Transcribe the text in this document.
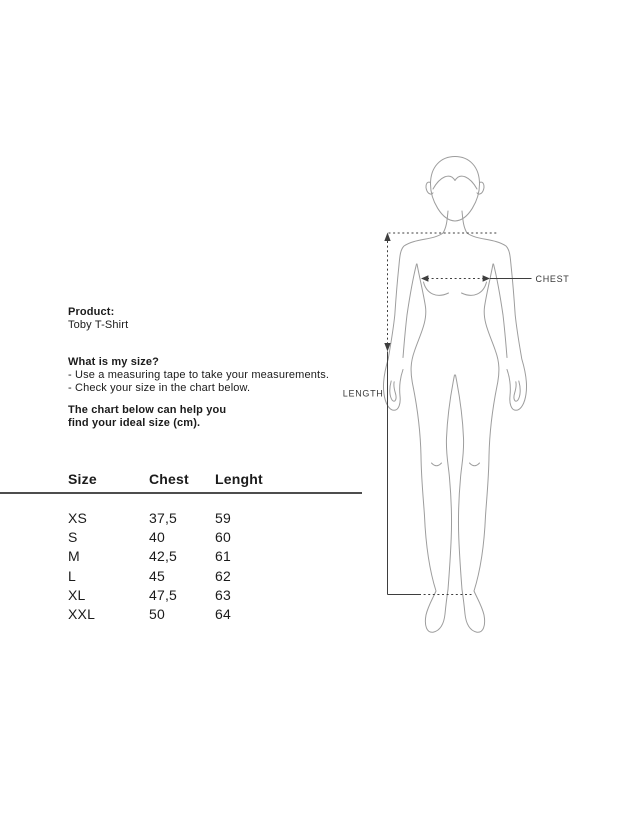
Product:
Toby T-Shirt
What is my size?
- Use a measuring tape to take your measurements.
- Check your size in the chart below.
The chart below can help you
find your ideal size (cm).
Size	Chest	Lenght
XS	37,5	59
S	40	60
M	42,5	61
L	45	62
XL	47,5	63
XXL	50	64
CHEST
LENGTH
